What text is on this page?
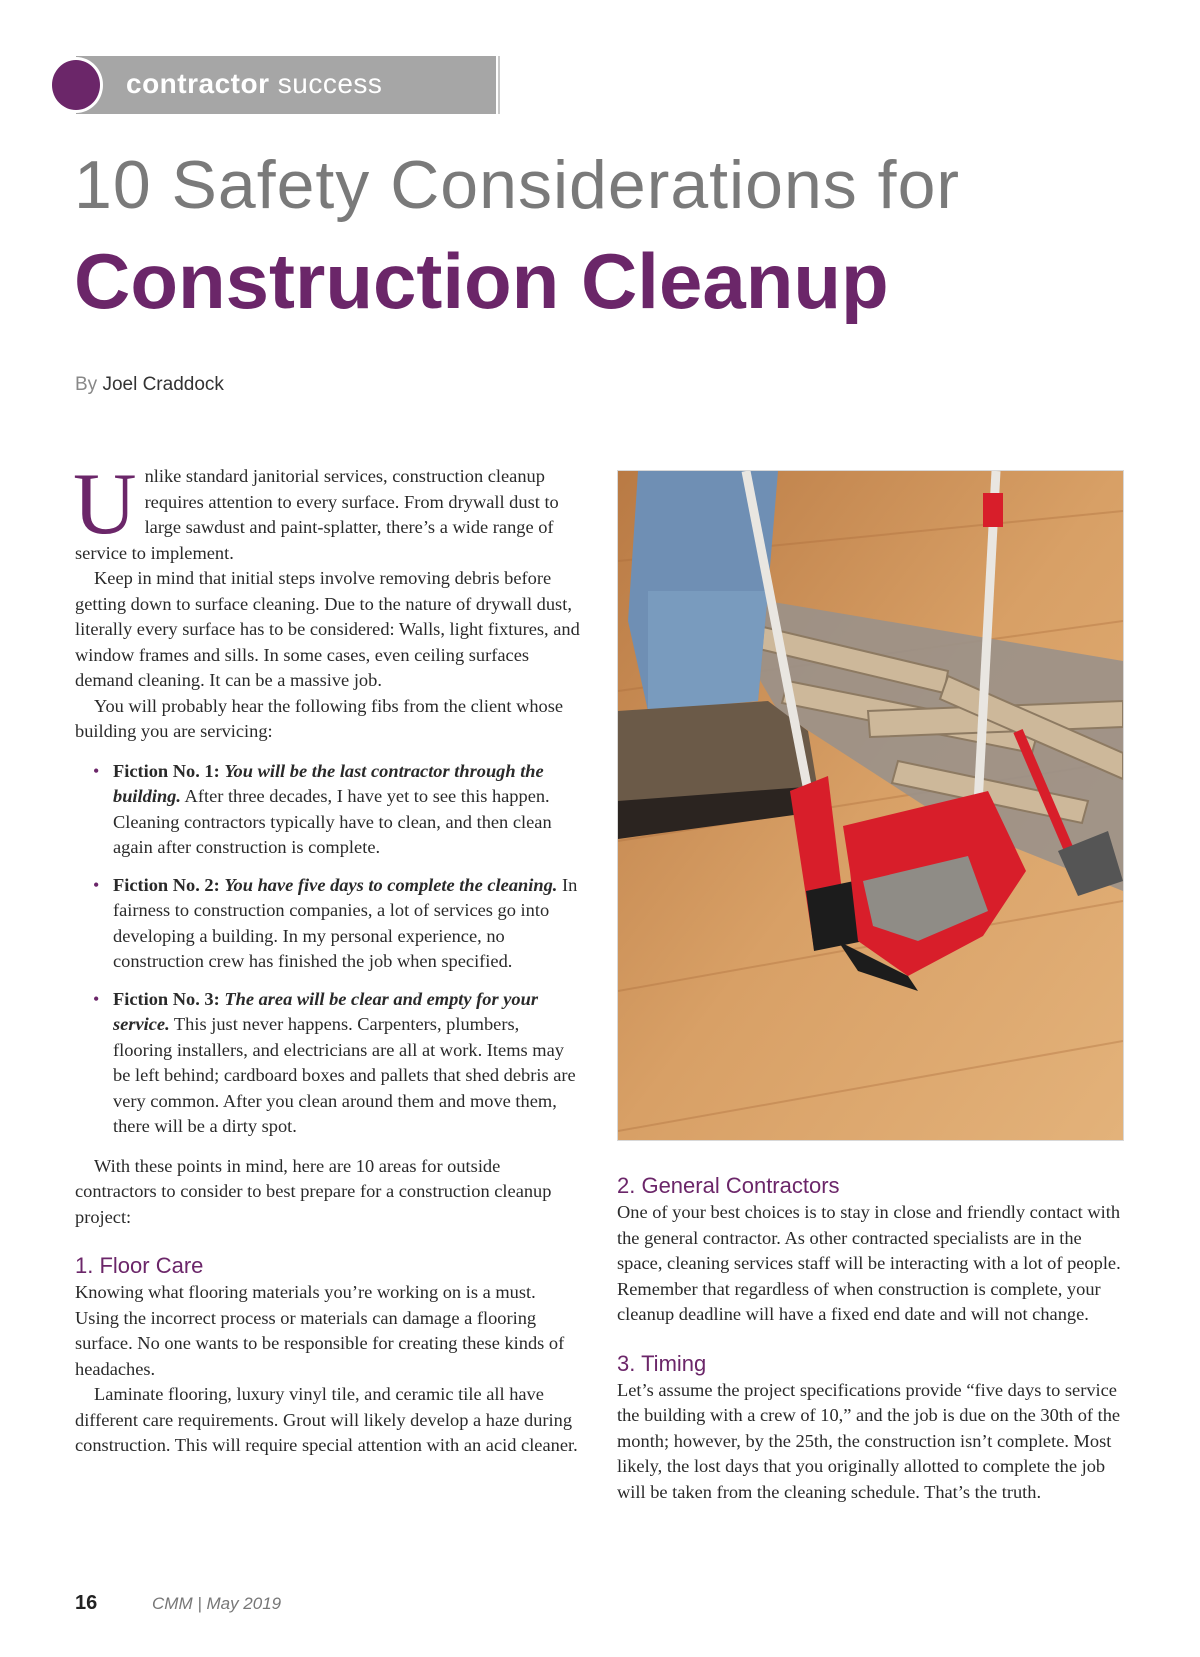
contractor success
10 Safety Considerations for
Construction Cleanup
By Joel Craddock

Unlike standard janitorial services, construction cleanup requires attention to every surface. From drywall dust to large sawdust and paint-splatter, there’s a wide range of service to implement.

Keep in mind that initial steps involve removing debris before getting down to surface cleaning. Due to the nature of drywall dust, literally every surface has to be considered: Walls, light fixtures, and window frames and sills. In some cases, even ceiling surfaces demand cleaning. It can be a massive job.

You will probably hear the following fibs from the client whose building you are servicing:

• Fiction No. 1: You will be the last contractor through the building. After three decades, I have yet to see this happen. Cleaning contractors typically have to clean, and then clean again after construction is complete.
• Fiction No. 2: You have five days to complete the cleaning. In fairness to construction companies, a lot of services go into developing a building. In my personal experience, no construction crew has finished the job when specified.
• Fiction No. 3: The area will be clear and empty for your service. This just never happens. Carpenters, plumbers, flooring installers, and electricians are all at work. Items may be left behind; cardboard boxes and pallets that shed debris are very common. After you clean around them and move them, there will be a dirty spot.

With these points in mind, here are 10 areas for outside contractors to consider to best prepare for a construction cleanup project:

1. Floor Care

Knowing what flooring materials you’re working on is a must. Using the incorrect process or materials can damage a flooring surface. No one wants to be responsible for creating these kinds of headaches.

Laminate flooring, luxury vinyl tile, and ceramic tile all have different care requirements. Grout will likely develop a haze during construction. This will require special attention with an acid cleaner.

2. General Contractors

One of your best choices is to stay in close and friendly contact with the general contractor. As other contracted specialists are in the space, cleaning services staff will be interacting with a lot of people. Remember that regardless of when construction is complete, your cleanup deadline will have a fixed end date and will not change.

3. Timing

Let’s assume the project specifications provide “five days to service the building with a crew of 10,” and the job is due on the 30th of the month; however, by the 25th, the construction isn’t complete. Most likely, the lost days that you originally allotted to complete the job will be taken from the cleaning schedule. That’s the truth.

16	CMM | May 2019
